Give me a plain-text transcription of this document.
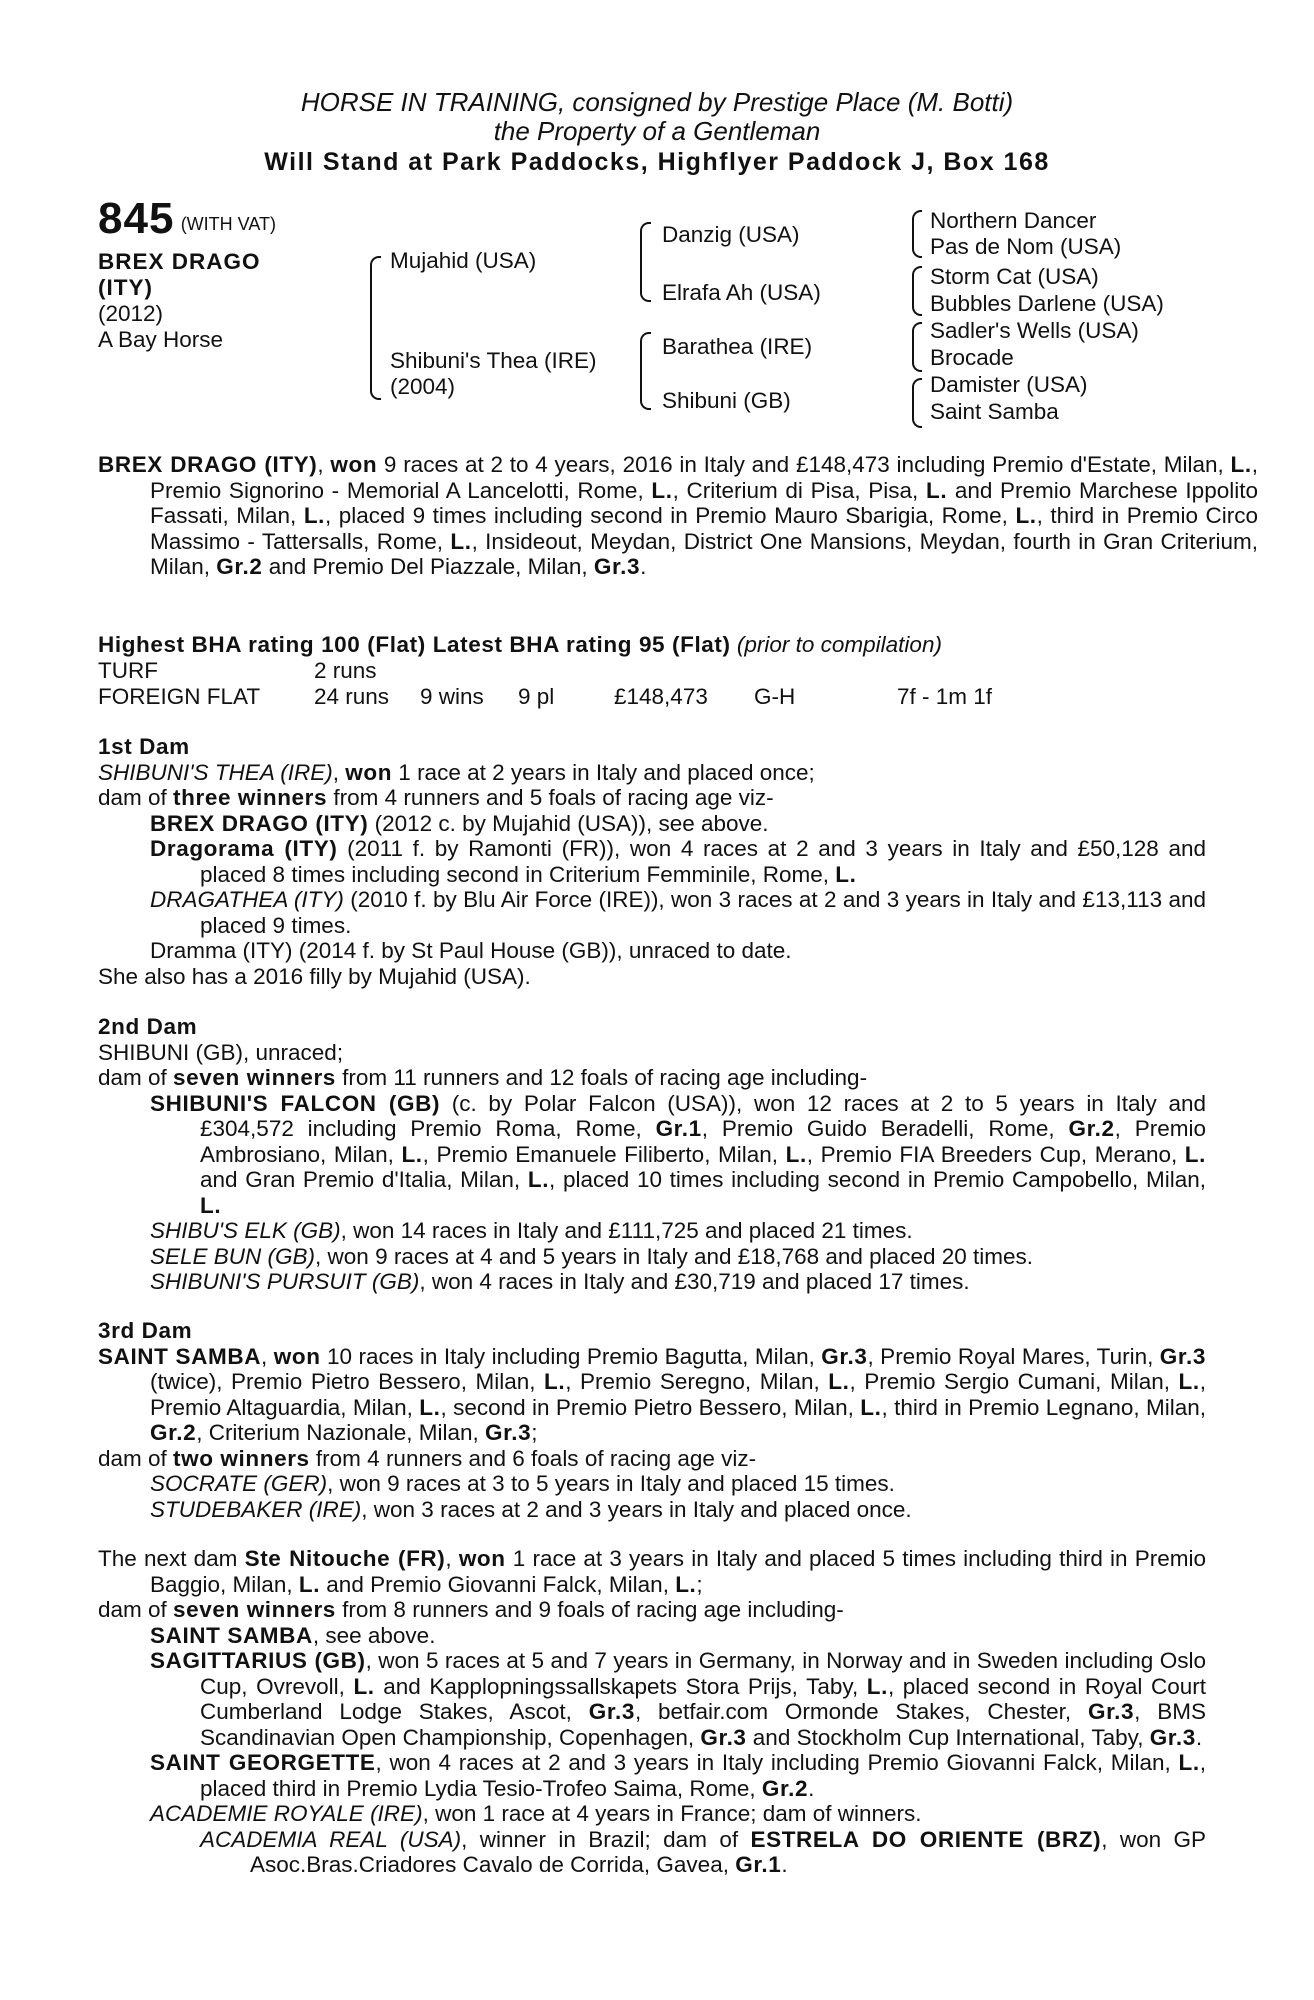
HORSE IN TRAINING, consigned by Prestige Place (M. Botti)
the Property of a Gentleman
Will Stand at Park Paddocks, Highflyer Paddock J, Box 168
845 (WITH VAT)
BREX DRAGO
(ITY)
(2012)
A Bay Horse
Mujahid (USA)
Shibuni's Thea (IRE)
(2004)
Danzig (USA)
Elrafa Ah (USA)
Barathea (IRE)
Shibuni (GB)
Northern Dancer
Pas de Nom (USA)
Storm Cat (USA)
Bubbles Darlene (USA)
Sadler's Wells (USA)
Brocade
Damister (USA)
Saint Samba
BREX DRAGO (ITY), won 9 races at 2 to 4 years, 2016 in Italy and £148,473 including Premio d'Estate, Milan, L., Premio Signorino - Memorial A Lancelotti, Rome, L., Criterium di Pisa, Pisa, L. and Premio Marchese Ippolito Fassati, Milan, L., placed 9 times including second in Premio Mauro Sbarigia, Rome, L., third in Premio Circo Massimo - Tattersalls, Rome, L., Insideout, Meydan, District One Mansions, Meydan, fourth in Gran Criterium, Milan, Gr.2 and Premio Del Piazzale, Milan, Gr.3.
Highest BHA rating 100 (Flat) Latest BHA rating 95 (Flat) (prior to compilation)
TURF	2 runs
FOREIGN FLAT 24 runs 9 wins 9 pl	£148,473 G-H	7f - 1m 1f

1st Dam

SHIBUNI'S THEA (IRE), won 1 race at 2 years in Italy and placed once;

dam of three winners from 4 runners and 5 foals of racing age viz-

BREX DRAGO (ITY) (2012 c. by Mujahid (USA)), see above.

Dragorama (ITY) (2011 f. by Ramonti (FR)), won 4 races at 2 and 3 years in Italy and £50,128 and placed 8 times including second in Criterium Femminile, Rome, L.

DRAGATHEA (ITY) (2010 f. by Blu Air Force (IRE)), won 3 races at 2 and 3 years in Italy and £13,113 and placed 9 times.

Dramma (ITY) (2014 f. by St Paul House (GB)), unraced to date.

She also has a 2016 filly by Mujahid (USA).

2nd Dam

SHIBUNI (GB), unraced;

dam of seven winners from 11 runners and 12 foals of racing age including-

SHIBUNI'S FALCON (GB) (c. by Polar Falcon (USA)), won 12 races at 2 to 5 years in Italy and £304,572 including Premio Roma, Rome, Gr.1, Premio Guido Beradelli, Rome, Gr.2, Premio Ambrosiano, Milan, L., Premio Emanuele Filiberto, Milan, L., Premio FIA Breeders Cup, Merano, L. and Gran Premio d'Italia, Milan, L., placed 10 times including second in Premio Campobello, Milan, L.

SHIBU'S ELK (GB), won 14 races in Italy and £111,725 and placed 21 times.

SELE BUN (GB), won 9 races at 4 and 5 years in Italy and £18,768 and placed 20 times.

SHIBUNI'S PURSUIT (GB), won 4 races in Italy and £30,719 and placed 17 times.

3rd Dam

SAINT SAMBA, won 10 races in Italy including Premio Bagutta, Milan, Gr.3, Premio Royal Mares, Turin, Gr.3 (twice), Premio Pietro Bessero, Milan, L., Premio Seregno, Milan, L., Premio Sergio Cumani, Milan, L., Premio Altaguardia, Milan, L., second in Premio Pietro Bessero, Milan, L., third in Premio Legnano, Milan, Gr.2, Criterium Nazionale, Milan, Gr.3;

dam of two winners from 4 runners and 6 foals of racing age viz-

SOCRATE (GER), won 9 races at 3 to 5 years in Italy and placed 15 times.

STUDEBAKER (IRE), won 3 races at 2 and 3 years in Italy and placed once.

The next dam Ste Nitouche (FR), won 1 race at 3 years in Italy and placed 5 times including third in Premio Baggio, Milan, L. and Premio Giovanni Falck, Milan, L.;

dam of seven winners from 8 runners and 9 foals of racing age including-

SAINT SAMBA, see above.

SAGITTARIUS (GB), won 5 races at 5 and 7 years in Germany, in Norway and in Sweden including Oslo Cup, Ovrevoll, L. and Kapplopningssallskapets Stora Prijs, Taby, L., placed second in Royal Court Cumberland Lodge Stakes, Ascot, Gr.3, betfair.com Ormonde Stakes, Chester, Gr.3, BMS Scandinavian Open Championship, Copenhagen, Gr.3 and Stockholm Cup International, Taby, Gr.3.

SAINT GEORGETTE, won 4 races at 2 and 3 years in Italy including Premio Giovanni Falck, Milan, L., placed third in Premio Lydia Tesio-Trofeo Saima, Rome, Gr.2.

ACADEMIE ROYALE (IRE), won 1 race at 4 years in France; dam of winners.

ACADEMIA REAL (USA), winner in Brazil; dam of ESTRELA DO ORIENTE (BRZ), won GP Asoc.Bras.Criadores Cavalo de Corrida, Gavea, Gr.1.
